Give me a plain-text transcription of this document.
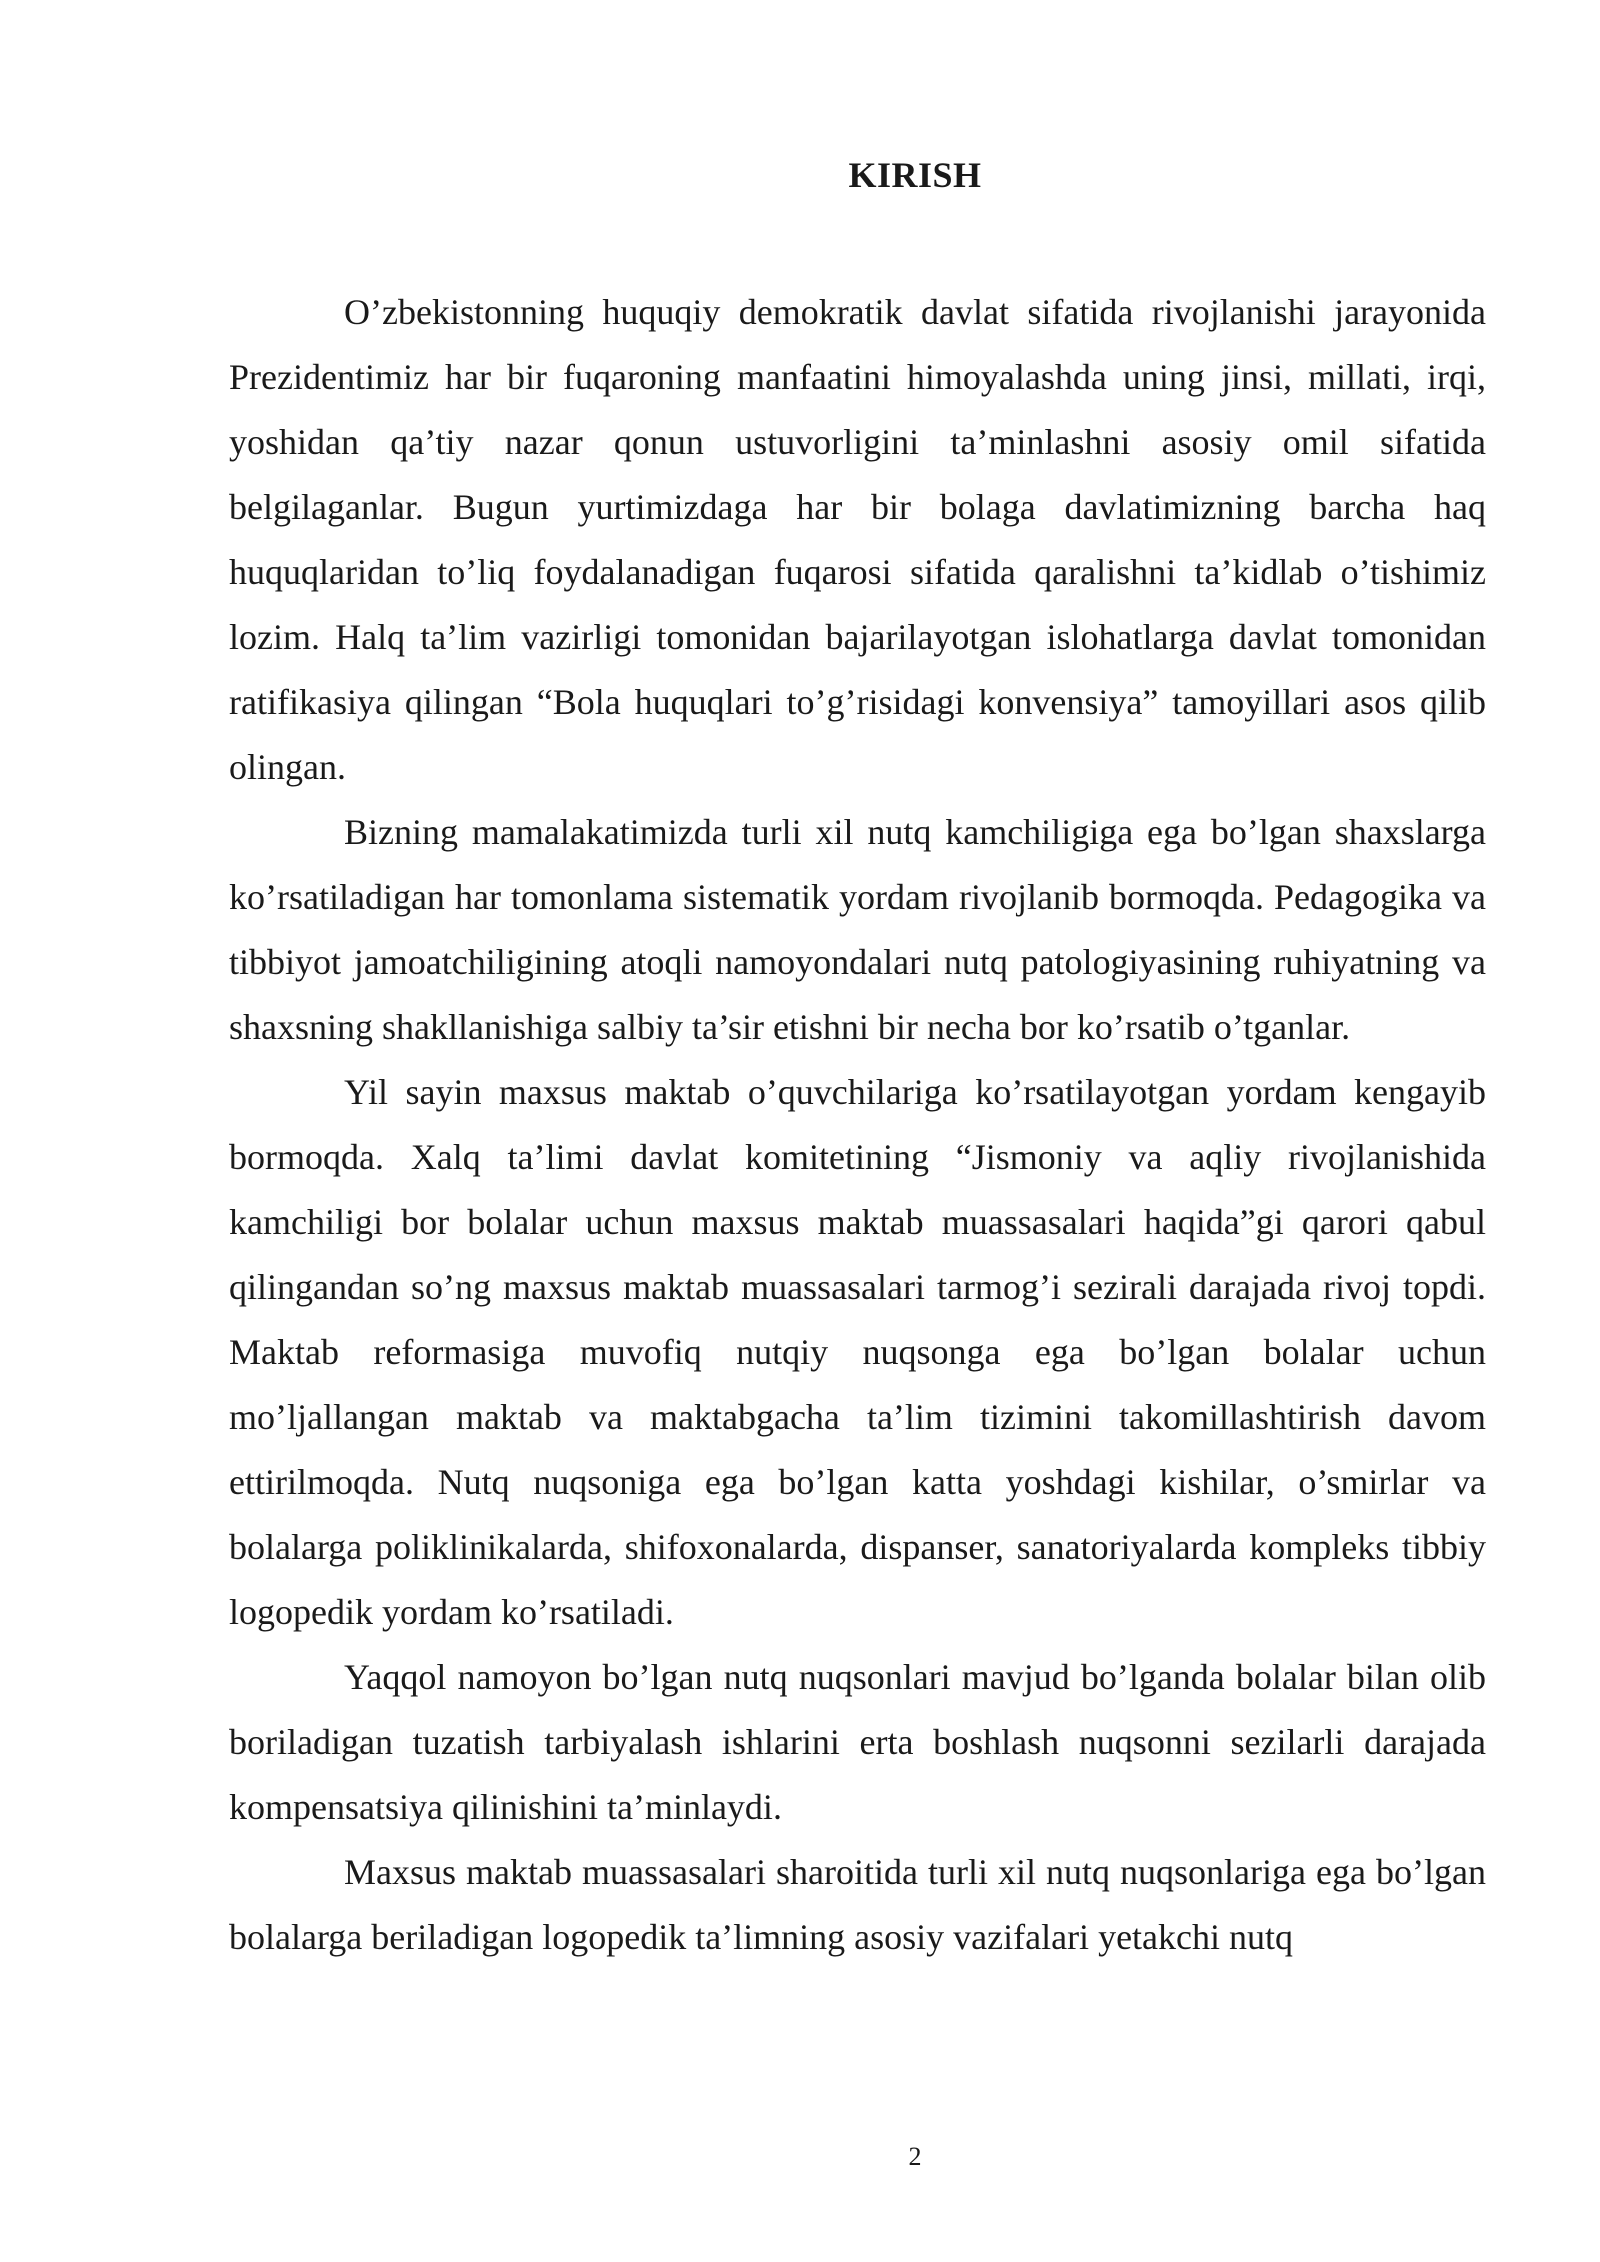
KIRISH

O’zbekistonning huquqiy demokratik davlat sifatida rivojlanishi jarayonida Prezidentimiz har bir fuqaroning manfaatini himoyalashda uning jinsi, millati, irqi, yoshidan qa’tiy nazar qonun ustuvorligini ta’minlashni asosiy omil sifatida belgilaganlar. Bugun yurtimizdaga har bir bolaga davlatimizning barcha haq huquqlaridan to’liq foydalanadigan fuqarosi sifatida qaralishni ta’kidlab o’tishimiz lozim. Halq ta’lim vazirligi tomonidan bajarilayotgan islohatlarga davlat tomonidan ratifikasiya qilingan “Bola huquqlari to’g’risidagi konvensiya” tamoyillari asos qilib olingan.

Bizning mamalakatimizda turli xil nutq kamchiligiga ega bo’lgan shaxslarga ko’rsatiladigan har tomonlama sistematik yordam rivojlanib bormoqda. Pedagogika va tibbiyot jamoatchiligining atoqli namoyondalari nutq patologiyasining ruhiyatning va shaxsning shakllanishiga salbiy ta’sir etishni bir necha bor ko’rsatib o’tganlar.

Yil sayin maxsus maktab o’quvchilariga ko’rsatilayotgan yordam kengayib bormoqda. Xalq ta’limi davlat komitetining “Jismoniy va aqliy rivojlanishida kamchiligi bor bolalar uchun maxsus maktab muassasalari haqida”gi qarori qabul qilingandan so’ng maxsus maktab muassasalari tarmog’i sezirali darajada rivoj topdi. Maktab reformasiga muvofiq nutqiy nuqsonga ega bo’lgan bolalar uchun mo’ljallangan maktab va maktabgacha ta’lim tizimini takomillashtirish davom ettirilmoqda. Nutq nuqsoniga ega bo’lgan katta yoshdagi kishilar, o’smirlar va bolalarga poliklinikalarda, shifoxonalarda, dispanser, sanatoriyalarda kompleks tibbiy logopedik yordam ko’rsatiladi.

Yaqqol namoyon bo’lgan nutq nuqsonlari mavjud bo’lganda bolalar bilan olib boriladigan tuzatish tarbiyalash ishlarini erta boshlash nuqsonni sezilarli darajada kompensatsiya qilinishini ta’minlaydi.

Maxsus maktab muassasalari sharoitida turli xil nutq nuqsonlariga ega bo’lgan bolalarga beriladigan logopedik ta’limning asosiy vazifalari yetakchi nutq

2
